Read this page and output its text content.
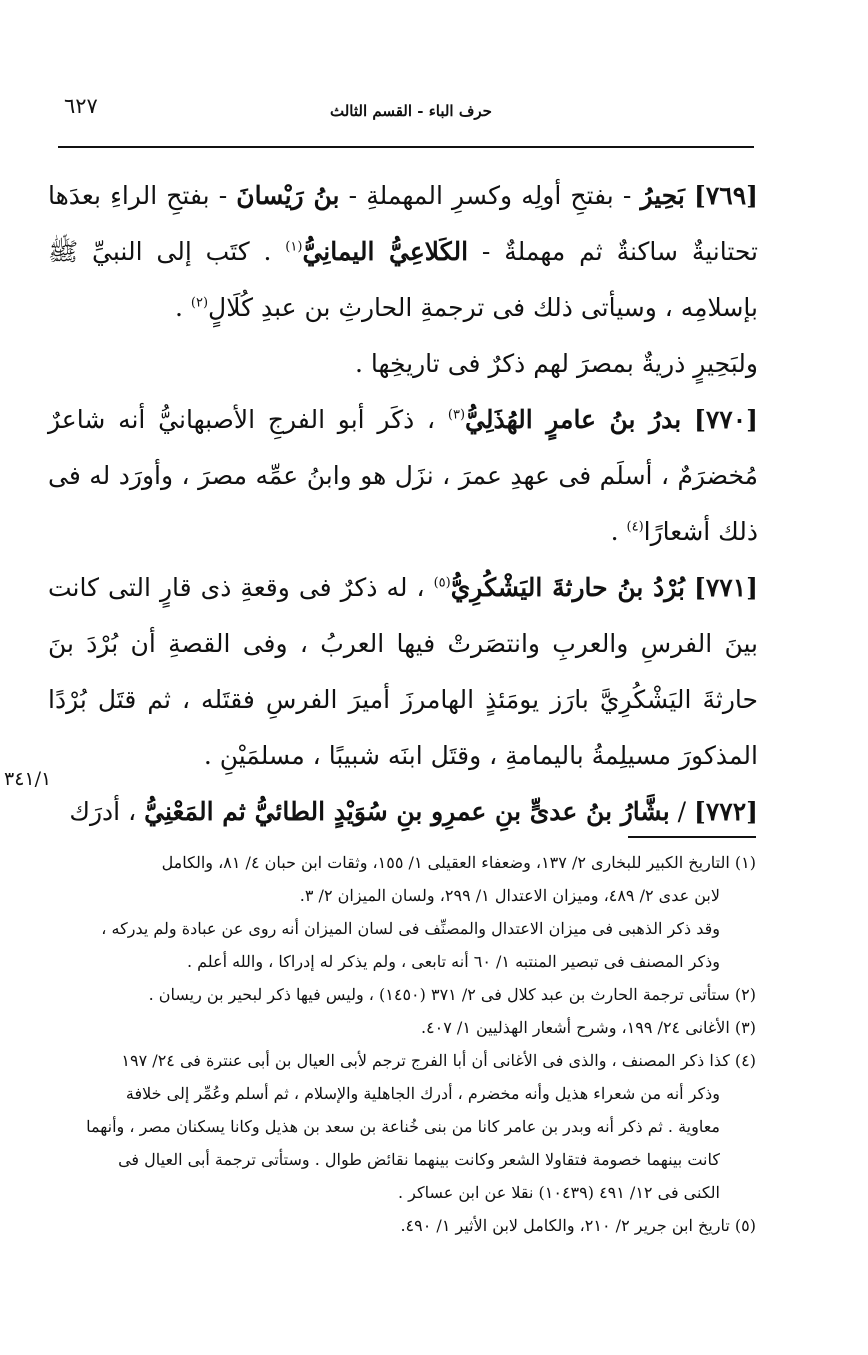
٦٢٧	حرف الباء - القسم الثالث

[٧٦٩] بَحِيرُ - بفتحِ أولِه وكسرِ المهملةِ - بنُ رَيْسانَ - بفتحِ الراءِ بعدَها تحتانيةٌ ساكنةٌ ثم مهملةٌ - الكَلاعِيُّ اليمانِيُّ$^{(١)}$ . كتَب إلى النبيِّ ﷺ بإسلامِه ، وسيأتى ذلك فى ترجمةِ الحارثِ بن عبدِ كُلَالٍ$^{(٢)}$ .

ولبَحِيرٍ ذريةٌ بمصرَ لهم ذكرٌ فى تاريخِها .

[٧٧٠] بدرُ بنُ عامرٍ الهُذَلِيُّ$^{(٣)}$ ، ذكَر أبو الفرجِ الأصبهانيُّ أنه شاعرٌ مُخضرَمٌ ، أسلَم فى عهدِ عمرَ ، نزَل هو وابنُ عمِّه مصرَ ، وأورَد له فى ذلك أشعارًا$^{(٤)}$ .

[٧٧١] بُرْدُ بنُ حارثةَ اليَشْكُرِيُّ$^{(٥)}$ ، له ذكرٌ فى وقعةِ ذى قارٍ التى كانت بينَ الفرسِ والعربِ وانتصَرتْ فيها العربُ ، وفى القصةِ أن بُرْدَ بنَ حارثةَ اليَشْكُرِيَّ بارَز يومَئذٍ الهامرزَ أميرَ الفرسِ فقتَله ، ثم قتَل بُرْدًا المذكورَ مسيلِمةُ باليمامةِ ، وقتَل ابنَه شبيبًا ، مسلمَيْنِ .

[٧٧٢] / بشَّارُ بنُ عدىٍّ بنِ عمرِو بنِ سُوَيْدٍ الطائيُّ ثم المَعْنِيُّ ، أدرَك

٣٤١/١

(١) التاريخ الكبير للبخارى ٢/ ١٣٧، وضعفاء العقيلى ١/ ١٥٥، وثقات ابن حبان ٤/ ٨١، والكامل

لابن عدى ٢/ ٤٨٩، وميزان الاعتدال ١/ ٢٩٩، ولسان الميزان ٢/ ٣.

وقد ذكر الذهبى فى ميزان الاعتدال والمصنِّف فى لسان الميزان أنه روى عن عبادة ولم يدركه ،

وذكر المصنف فى تبصير المنتبه ١/ ٦٠ أنه تابعى ، ولم يذكر له إدراكا ، والله أعلم .

(٢) ستأتى ترجمة الحارث بن عبد كلال فى ٢/ ٣٧١ (١٤٥٠) ، وليس فيها ذكر لبحير بن ريسان .

(٣) الأغانى ٢٤/ ١٩٩، وشرح أشعار الهذليين ١/ ٤٠٧.

(٤) كذا ذكر المصنف ، والذى فى الأغانى أن أبا الفرج ترجم لأبى العيال بن أبى عنترة فى ٢٤/ ١٩٧

وذكر أنه من شعراء هذيل وأنه مخضرم ، أدرك الجاهلية والإسلام ، ثم أسلم وعُمِّر إلى خلافة

معاوية . ثم ذكر أنه وبدر بن عامر كانا من بنى خُناعة بن سعد بن هذيل وكانا يسكنان مصر ، وأنهما

كانت بينهما خصومة فتقاولا الشعر وكانت بينهما نقائض طوال . وستأتى ترجمة أبى العيال فى

الكنى فى ١٢/ ٤٩١ (١٠٤٣٩) نقلا عن ابن عساكر .

(٥) تاريخ ابن جرير ٢/ ٢١٠، والكامل لابن الأثير ١/ ٤٩٠.
